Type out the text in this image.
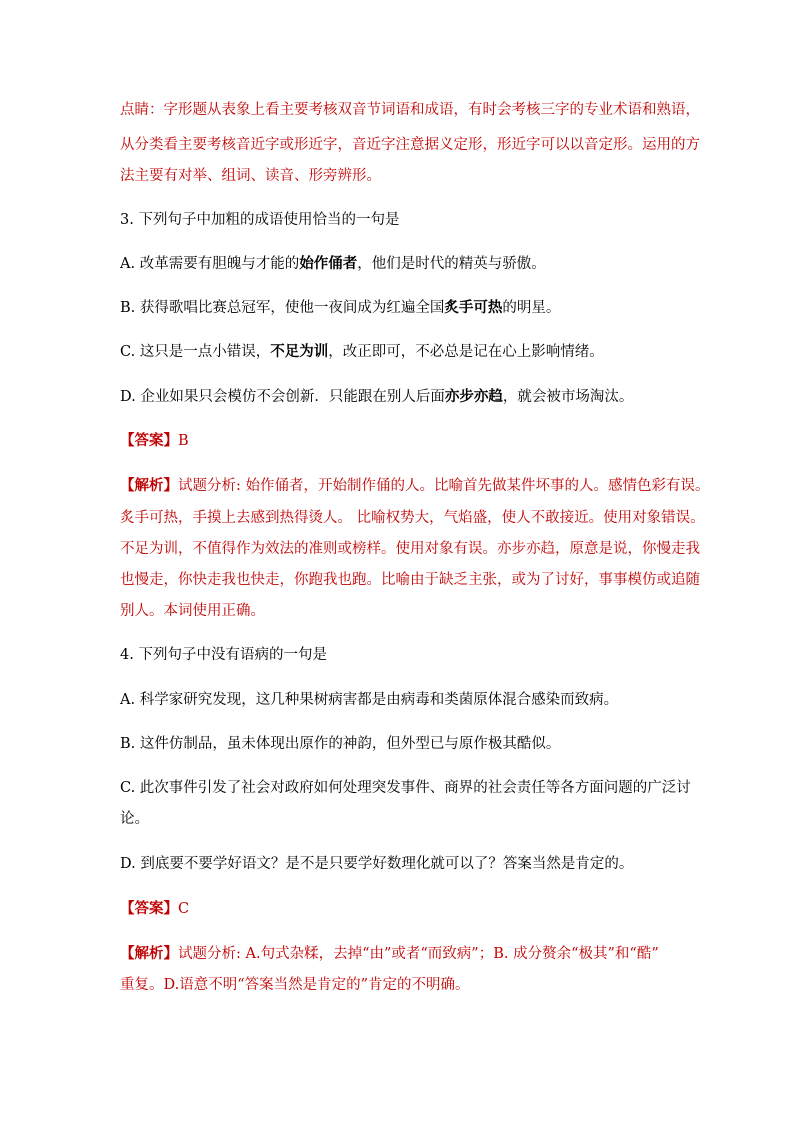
点睛：字形题从表象上看主要考核双音节词语和成语，有时会考核三字的专业术语和熟语，
从分类看主要考核音近字或形近字，音近字注意据义定形，形近字可以以音定形。运用的方
法主要有对举、组词、读音、形旁辨形。
3. 下列句子中加粗的成语使用恰当的一句是
A. 改革需要有胆魄与才能的始作俑者，他们是时代的精英与骄傲。
B. 获得歌唱比赛总冠军，使他一夜间成为红遍全国炙手可热的明星。
C. 这只是一点小错误，不足为训，改正即可，不必总是记在心上影响情绪。
D. 企业如果只会模仿不会创新．只能跟在别人后面亦步亦趋，就会被市场淘汰。
【答案】B
【解析】试题分析: 始作俑者，开始制作俑的人。比喻首先做某件坏事的人。感情色彩有误。
炙手可热，手摸上去感到热得烫人。 比喻权势大，气焰盛，使人不敢接近。使用对象错误。
不足为训，不值得作为效法的准则或榜样。使用对象有误。亦步亦趋，原意是说，你慢走我
也慢走，你快走我也快走，你跑我也跑。比喻由于缺乏主张，或为了讨好，事事模仿或追随
别人。本词使用正确。
4. 下列句子中没有语病的一句是
A. 科学家研究发现，这几种果树病害都是由病毒和类菌原体混合感染而致病。
B. 这件仿制品，虽未体现出原作的神韵，但外型已与原作极其酷似。
C. 此次事件引发了社会对政府如何处理突发事件、商界的社会责任等各方面问题的广泛讨
论。
D. 到底要不要学好语文？是不是只要学好数理化就可以了？答案当然是肯定的。
【答案】C
【解析】试题分析: A.句式杂糅，去掉“由”或者“而致病”；B. 成分赘余“极其”和“酷”
重复。D.语意不明“答案当然是肯定的”肯定的不明确。
